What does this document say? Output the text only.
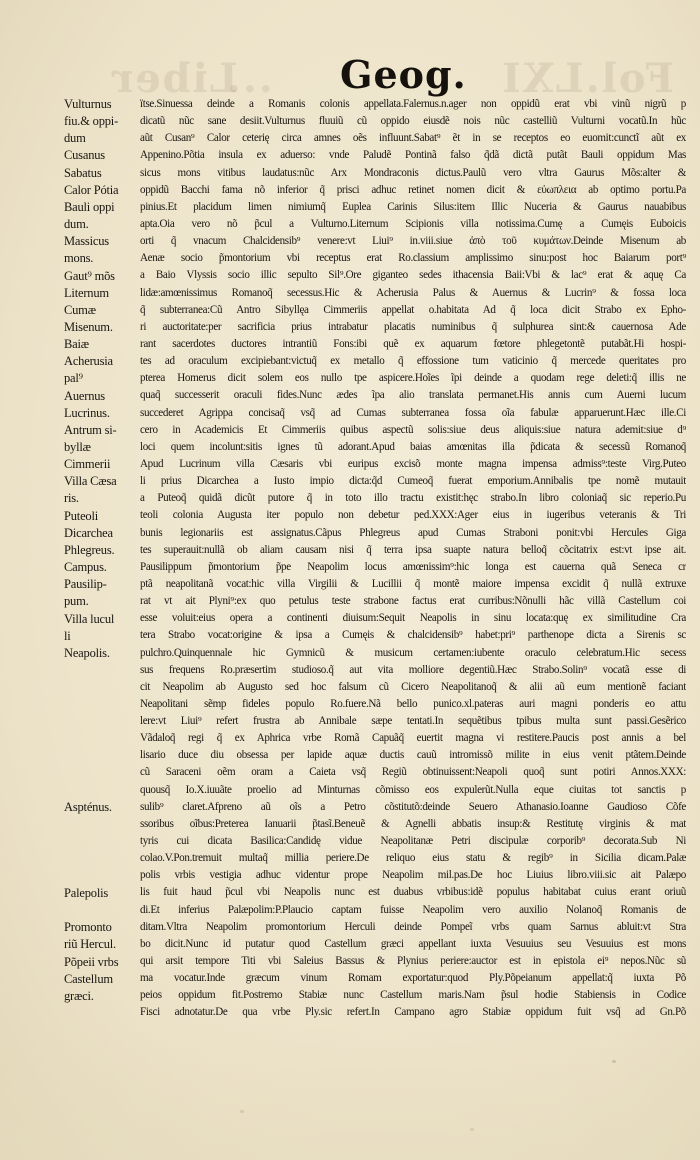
Liber	Fol.LXI
... Geog.
Vulturnus
fiu.& oppi-
dum
Cusanus
Sabatus
Calor Pótia
Bauli oppi
dum.
Massicus
mons.
Gaut⁹ mõs
Liternum
Cumæ
Misenum.
Baiæ
Acherusia
pal⁹
Auernus
Lucrinus.
Antrum si-
byllæ
Cimmerii
Villa Cæsa
ris.
Puteoli
Dicarchea
Phlegreus.
Campus.
Pausilip-
pum.
Villa lucul
li
Neapolis.
Aspténus.
Palepolis
Promonto
riũ Hercul.
Põpeii vrbs
Castellum
græci.
ïtse.Sinuessa deinde a Romanis colonis appellata.Falernus.n.ager non oppidũ erat vbi vinũ nigrũ p
dicatũ nũc sane desiit.Vulturnus fluuiũ cũ oppido eiusdẽ nois nũc castelliũ Vulturni vocatũ.In hũc
aũt Cusan⁹ Calor ceterię circa amnes oẽs influunt.Sabat⁹ ẽt in se receptos eo euomit:cunctĩ aũt ex
Appenino.Põtia insula ex aduerso: vnde Paludẽ Pontinã falso q̃dã dictã putãt Bauli oppidum Mas
sicus mons vitibus laudatus:nũc Arx Mondraconis dictus.Paulũ vero vltra Gaurus Mõs:alter &
oppidũ Bacchi fama nõ inferior q̃ prisci adhuc retinet nomen dicit & εὐωπλεια ab optimo portu.Pa
pinius.Et placidum limen nimiumq̃ Euplea Carinis Silus:item Illic Nuceria & Gaurus nauabibus
apta.Oia vero nõ p̃cul a Vulturno.Liternum Scipionis villa notissima.Cumę a Cumęis Euboicis
orti q̃ vnacum Chalcidensib⁹ venere:vt Liui⁹ in.viii.siue ἀπὸ τοῦ κυμάτων.Deinde Misenum ab
Aenæ socio p̃montorium vbi receptus erat Ro.classium amplissimo sinu:post hoc Baiarum port⁹
a Baio Vlyssis socio illic sepulto Sil⁹.Ore giganteo sedes ithacensia Baii:Vbi & lac⁹ erat & aquę Ca
lidæ:amœnissimus Romanoq̃ secessus.Hic & Acherusia Palus & Auernus & Lucrin⁹ & fossa loca
q̃ subterranea:Cũ Antro Sibyllęa Cimmeriis appellat o.habitata Ad q̃ loca dicit Strabo ex Epho-
ri auctoritate:per sacrificia prius intrabatur placatis numinibus q̃ sulphurea sint:& cauernosa Ade
rant sacerdotes ductores intrantiũ Fons:ibi quẽ ex aquarum fœtore phlegetontẽ putabãt.Hi hospi-
tes ad oraculum excipiebant:victuq̃ ex metallo q̃ effossione tum vaticinio q̃ mercede queritates pro
pterea Homerus dicit solem eos nullo tpe aspicere.Hoĩes ĩpi deinde a quodam rege deleti:q̃ illis ne
quaq̃ successerit oraculi fides.Nunc ædes ĩpa alio translata permanet.His annis cum Auerni lucum
succederet Agrippa concisaq̃ vsq̃ ad Cumas subterranea fossa oĩa fabulæ apparuerunt.Hæc ille.Ci
cero in Academicis Et Cimmeriis quibus aspectũ solis:siue deus aliquis:siue natura ademit:siue d⁹
loci quem incolunt:sitis ignes tũ adorant.Apud baias amœnitas illa p̃dicata & secessũ Romanoq̃
Apud Lucrinum villa Cæsaris vbi euripus excisõ monte magna impensa admiss⁹:teste Virg.Puteo
li prius Dicarchea a Iusto impio dicta:q̃d Cumeoq̃ fuerat emporium.Annibalis tpe nomẽ mutauit
a Puteoq̃ quidã dicũt putore q̃ in toto illo tractu existit:hęc strabo.In libro coloniaq̃ sic reperio.Pu
teoli colonia Augusta iter populo non debetur ped.XXX:Ager eius in iugeribus veteranis & Tri
bunis legionariis est assignatus.Cãpus Phlegreus apud Cumas Straboni ponit:vbi Hercules Giga
tes superauit:nullã ob aliam causam nisi q̃ terra ipsa suapte natura belloq̃ cõcitatrix est:vt ipse ait.
Pausilippum p̃montorium p̃pe Neapolim locus amœnissim⁹:hic longa est cauerna quã Seneca cr
ptã neapolitanã vocat:hic villa Virgilii & Lucillii q̃ montẽ maiore impensa excidit q̃ nullã extruxe
rat vt ait Plyni⁹:ex quo petulus teste strabone factus erat curribus:Nõnulli hãc villã Castellum coi
esse voluit:eius opera a continenti diuisum:Sequit Neapolis in sinu locata:quę ex similitudine Cra
tera Strabo vocat:origine & ipsa a Cumęis & chalcidensib⁹ habet:pri⁹ parthenope dicta a Sirenis sc
pulchro.Quinquennale hic Gymnicũ & musicum certamen:iubente oraculo celebratum.Hic secess
sus frequens Ro.præsertim studioso.q̃ aut vita molliore degentiũ.Hæc Strabo.Solin⁹ vocatã esse di
cit Neapolim ab Augusto sed hoc falsum cũ Cicero Neapolitanoq̃ & alii aũ eum mentionẽ faciant
Neapolitani sẽmp fideles populo Ro.fuere.Nã bello punico.xl.pateras auri magni ponderis eo attu
lere:vt Liui⁹ refert frustra ab Annibale sæpe tentati.In sequẽtibus tpibus multa sunt passi.Gesẽrico
Vãdaloq̃ regi q̃ ex Aphrica vrbe Romã Capuãq̃ euertit magna vi restitere.Paucis post annis a bel
lisario duce diu obsessa per lapide aquæ ductis cauũ intromissõ milite in eius venit ptãtem.Deinde
cũ Saraceni oẽm oram a Caieta vsq̃ Regiũ obtinuissent:Neapoli quoq̃ sunt potiri Annos.XXX:
quousq̃ Io.X.iuuãte proelio ad Minturnas cõmisso eos expulerũt.Nulla eque ciuitas tot sanctis p
sulib⁹ claret.Afpreno aũ oĩs a Petro cõstitutõ:deinde Seuero Athanasio.Ioanne Gaudioso Cõfe
ssoribus oĩbus:Preterea Ianuarii p̃tasĩ.Beneuẽ & Agnelli abbatis insup:& Restitutę virginis & mat
tyris cui dicata Basilica:Candidę vidue Neapolitanæ Petri discipulæ corporib⁹ decorata.Sub Ni
colao.V.Pon.tremuit multaq̃ millia periere.De reliquo eius statu & regib⁹ in Sicilia dicam.Palæ
polis vrbis vestigia adhuc videntur prope Neapolim mil.pas.De hoc Liuius libro.viii.sic ait Palæpo
lis fuit haud p̃cul vbi Neapolis nunc est duabus vrbibus:idẽ populus habitabat cuius erant oriuũ
di.Et inferius Palæpolim:P.Plaucio captam fuisse Neapolim vero auxilio Nolanoq̃ Romanis de
ditam.Vltra Neapolim promontorium Herculi deinde Pompeĩ vrbs quam Sarnus abluit:vt Stra
bo dicit.Nunc id putatur quod Castellum græci appellant iuxta Vesuuius seu Vesuuius est mons
qui arsit tempore Titi vbi Saleius Bassus & Plynius periere:auctor est in epistola ei⁹ nepos.Nũc sũ
ma vocatur.Inde græcum vinum Romam exportatur:quod Ply.Põpeianum appellat:q̃ iuxta Põ
peios oppidum fit.Postremo Stabiæ nunc Castellum maris.Nam p̃sul hodie Stabiensis in Codice
Fisci adnotatur.De qua vrbe Ply.sic refert.In Campano agro Stabiæ oppidum fuit vsq̃ ad Gn.Põ
